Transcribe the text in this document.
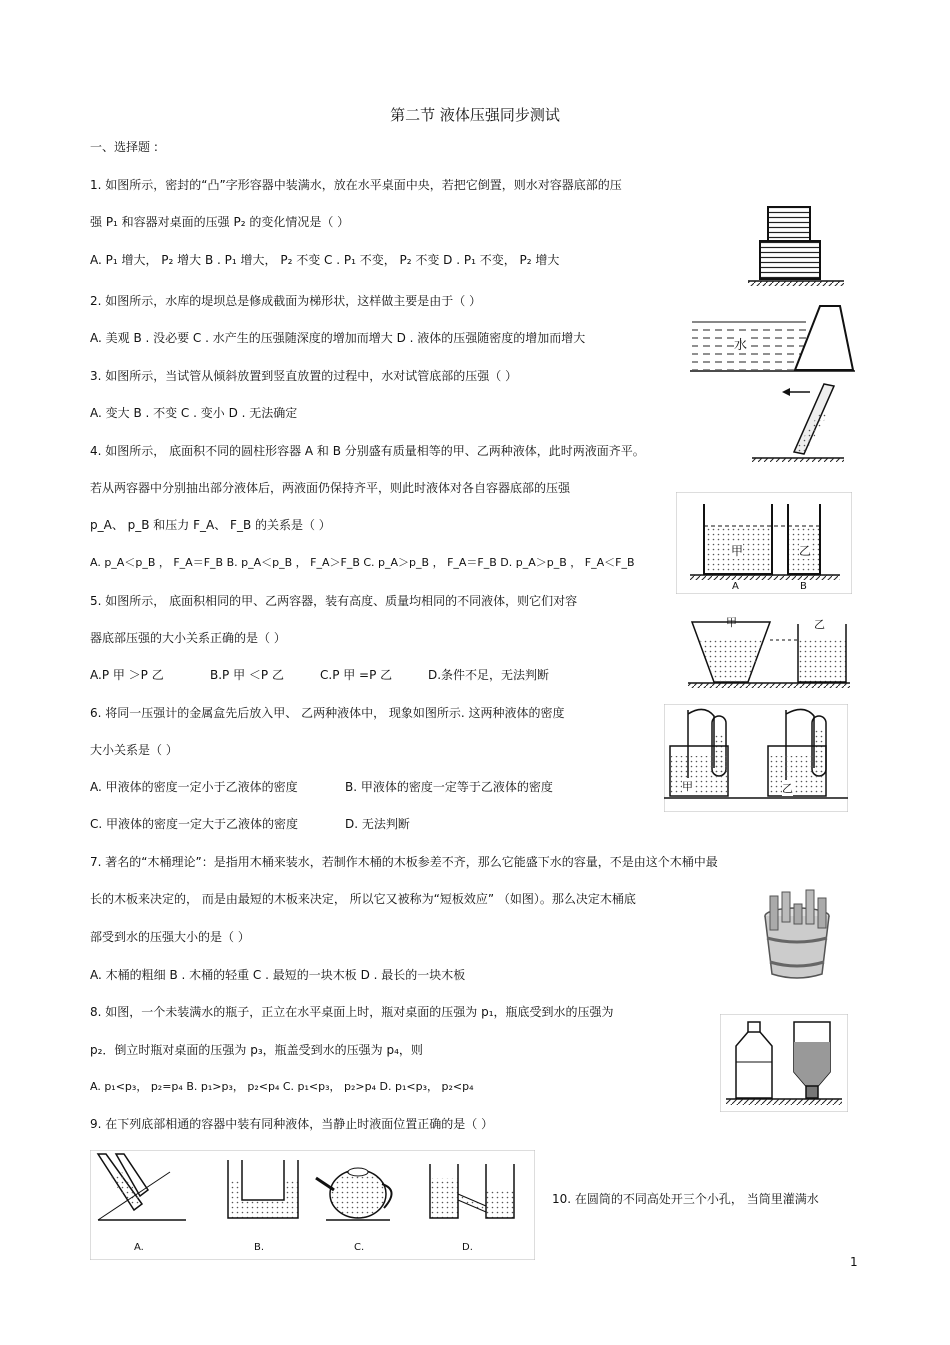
第二节 液体压强同步测试
一、选择题 :
1. 如图所示，密封的“凸”字形容器中装满水，放在水平桌面中央，若把它倒置，则水对容器底部的压
强 P₁ 和容器对桌面的压强 P₂ 的变化情况是（ ）
A. P₁ 增大， P₂ 增大 B . P₁ 增大， P₂ 不变 C . P₁ 不变， P₂ 不变 D . P₁ 不变， P₂ 增大
2. 如图所示，水库的堤坝总是修成截面为梯形状，这样做主要是由于（ ）
A. 美观 B . 没必要 C . 水产生的压强随深度的增加而增大 D . 液体的压强随密度的增加而增大	水
3. 如图所示，当试管从倾斜放置到竖直放置的过程中，水对试管底部的压强（ ）
A. 变大 B . 不变 C . 变小 D . 无法确定
4. 如图所示， 底面积不同的圆柱形容器 A 和 B 分别盛有质量相等的甲、乙两种液体，此时两液面齐平。
若从两容器中分别抽出部分液体后，两液面仍保持齐平，则此时液体对各自容器底部的压强
p_A、 p_B 和压力 F_A、 F_B 的关系是（ ）
A. p_A＜p_B ， F_A＝F_B B. p_A＜p_B ， F_A＞F_B C. p_A＞p_B ， F_A＝F_B D. p_A＞p_B ， F_A＜F_B
甲	乙
A	B
5. 如图所示， 底面积相同的甲、乙两容器，装有高度、质量均相同的不同液体，则它们对容
器底部压强的大小关系正确的是（ ）
A.P 甲 ＞P 乙	B.P 甲 ＜P 乙	C.P 甲 =P 乙	D.条件不足，无法判断
甲	乙
6. 将同一压强计的金属盒先后放入甲、 乙两种液体中， 现象如图所示. 这两种液体的密度
大小关系是（ ）
A. 甲液体的密度一定小于乙液体的密度	B. 甲液体的密度一定等于乙液体的密度
C. 甲液体的密度一定大于乙液体的密度	D. 无法判断
甲	乙
7. 著名的“木桶理论”：是指用木桶来装水，若制作木桶的木板参差不齐，那么它能盛下水的容量，不是由这个木桶中最
长的木板来决定的， 而是由最短的木板来决定， 所以它又被称为“短板效应” （如图）。那么决定木桶底
部受到水的压强大小的是（ ）
A. 木桶的粗细 B . 木桶的轻重 C . 最短的一块木板 D . 最长的一块木板
8. 如图，一个未装满水的瓶子，正立在水平桌面上时，瓶对桌面的压强为 p₁，瓶底受到水的压强为
p₂．倒立时瓶对桌面的压强为 p₃，瓶盖受到水的压强为 p₄，则
A. p₁<p₃， p₂=p₄ B. p₁>p₃， p₂<p₄ C. p₁<p₃， p₂>p₄ D. p₁<p₃， p₂<p₄
9. 在下列底部相通的容器中装有同种液体，当静止时液面位置正确的是（ ）
A.	B.	C.	D.
10. 在圆筒的不同高处开三个小孔， 当筒里灌满水
1
